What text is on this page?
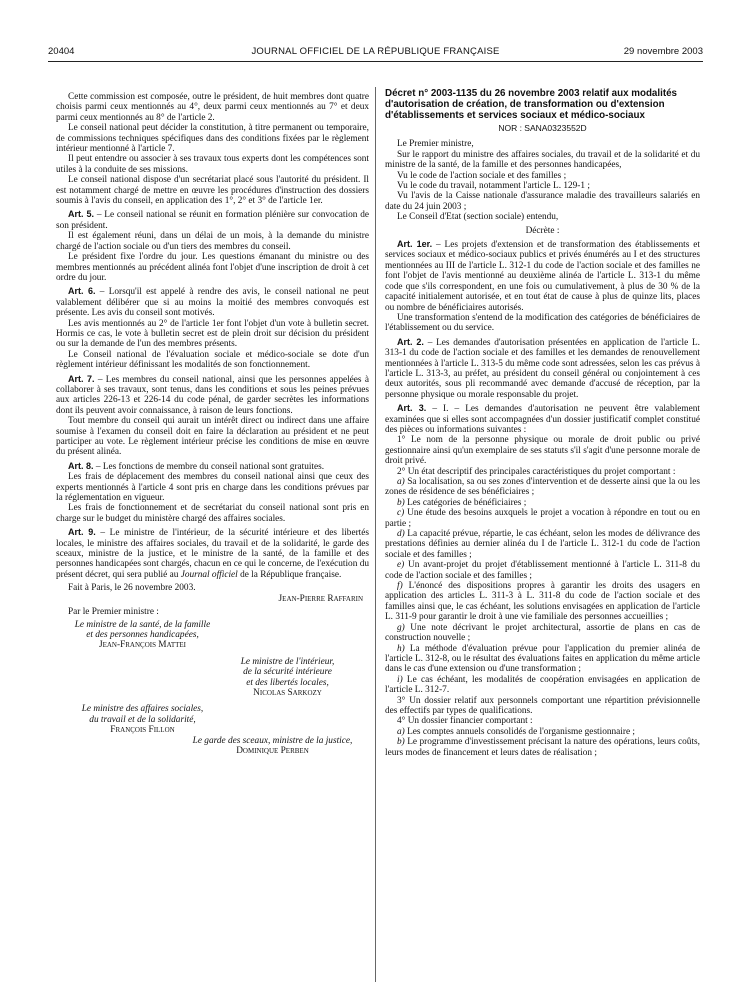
20404	JOURNAL OFFICIEL DE LA RÉPUBLIQUE FRANÇAISE	29 novembre 2003

Cette commission est composée, outre le président, de huit membres dont quatre choisis parmi ceux mentionnés au 4°, deux parmi ceux mentionnés au 7° et deux parmi ceux mentionnés au 8° de l'article 2.

Le conseil national peut décider la constitution, à titre permanent ou temporaire, de commissions techniques spécifiques dans des conditions fixées par le règlement intérieur mentionné à l'article 7.

Il peut entendre ou associer à ses travaux tous experts dont les compétences sont utiles à la conduite de ses missions.

Le conseil national dispose d'un secrétariat placé sous l'autorité du président. Il est notamment chargé de mettre en œuvre les procédures d'instruction des dossiers soumis à l'avis du conseil, en application des 1°, 2° et 3° de l'article 1er.

Art. 5. – Le conseil national se réunit en formation plénière sur convocation de son président.

Il est également réuni, dans un délai de un mois, à la demande du ministre chargé de l'action sociale ou d'un tiers des membres du conseil.

Le président fixe l'ordre du jour. Les questions émanant du ministre ou des membres mentionnés au précédent alinéa font l'objet d'une inscription de droit à cet ordre du jour.

Art. 6. – Lorsqu'il est appelé à rendre des avis, le conseil national ne peut valablement délibérer que si au moins la moitié des membres convoqués est présente. Les avis du conseil sont motivés.

Les avis mentionnés au 2° de l'article 1er font l'objet d'un vote à bulletin secret. Hormis ce cas, le vote à bulletin secret est de plein droit sur décision du président ou sur la demande de l'un des membres présents.

Le Conseil national de l'évaluation sociale et médico-sociale se dote d'un règlement intérieur définissant les modalités de son fonctionnement.

Art. 7. – Les membres du conseil national, ainsi que les personnes appelées à collaborer à ses travaux, sont tenus, dans les conditions et sous les peines prévues aux articles 226-13 et 226-14 du code pénal, de garder secrètes les informations dont ils peuvent avoir connaissance, à raison de leurs fonctions.

Tout membre du conseil qui aurait un intérêt direct ou indirect dans une affaire soumise à l'examen du conseil doit en faire la déclaration au président et ne peut participer au vote. Le règlement intérieur précise les conditions de mise en œuvre du présent alinéa.

Art. 8. – Les fonctions de membre du conseil national sont gratuites.

Les frais de déplacement des membres du conseil national ainsi que ceux des experts mentionnés à l'article 4 sont pris en charge dans les conditions prévues par la réglementation en vigueur.

Les frais de fonctionnement et de secrétariat du conseil national sont pris en charge sur le budget du ministère chargé des affaires sociales.

Art. 9. – Le ministre de l'intérieur, de la sécurité intérieure et des libertés locales, le ministre des affaires sociales, du travail et de la solidarité, le garde des sceaux, ministre de la justice, et le ministre de la santé, de la famille et des personnes handicapées sont chargés, chacun en ce qui le concerne, de l'exécution du présent décret, qui sera publié au Journal officiel de la République française.

Fait à Paris, le 26 novembre 2003.

Jean-Pierre Raffarin
Par le Premier ministre :
Le ministre de la santé, de la famille
et des personnes handicapées,
Jean-François Mattei
Le ministre de l'intérieur,
de la sécurité intérieure
et des libertés locales,
Nicolas Sarkozy
Le ministre des affaires sociales,
du travail et de la solidarité,
François Fillon
Le garde des sceaux, ministre de la justice,
Dominique Perben
Décret n° 2003-1135 du 26 novembre 2003 relatif aux modalités d'autorisation de création, de transformation ou d'extension d'établissements et services sociaux et médico-sociaux
NOR : SANA0323552D

Le Premier ministre,

Sur le rapport du ministre des affaires sociales, du travail et de la solidarité et du ministre de la santé, de la famille et des personnes handicapées,

Vu le code de l'action sociale et des familles ;

Vu le code du travail, notamment l'article L. 129-1 ;

Vu l'avis de la Caisse nationale d'assurance maladie des travailleurs salariés en date du 24 juin 2003 ;

Le Conseil d'Etat (section sociale) entendu,

Décrète :

Art. 1er. – Les projets d'extension et de transformation des établissements et services sociaux et médico-sociaux publics et privés énumérés au I et des structures mentionnées au III de l'article L. 312-1 du code de l'action sociale et des familles ne font l'objet de l'avis mentionné au deuxième alinéa de l'article L. 313-1 du même code que s'ils correspondent, en une fois ou cumulativement, à plus de 30 % de la capacité initialement autorisée, et en tout état de cause à plus de quinze lits, places ou nombre de bénéficiaires autorisés.

Une transformation s'entend de la modification des catégories de bénéficiaires de l'établissement ou du service.

Art. 2. – Les demandes d'autorisation présentées en application de l'article L. 313-1 du code de l'action sociale et des familles et les demandes de renouvellement mentionnées à l'article L. 313-5 du même code sont adressées, selon les cas prévus à l'article L. 313-3, au préfet, au président du conseil général ou conjointement à ces deux autorités, sous pli recommandé avec demande d'accusé de réception, par la personne physique ou morale responsable du projet.

Art. 3. – I. – Les demandes d'autorisation ne peuvent être valablement examinées que si elles sont accompagnées d'un dossier justificatif complet constitué des pièces ou informations suivantes :

1° Le nom de la personne physique ou morale de droit public ou privé gestionnaire ainsi qu'un exemplaire de ses statuts s'il s'agit d'une personne morale de droit privé.

2° Un état descriptif des principales caractéristiques du projet comportant :

a) Sa localisation, sa ou ses zones d'intervention et de desserte ainsi que la ou les zones de résidence de ses bénéficiaires ;

b) Les catégories de bénéficiaires ;

c) Une étude des besoins auxquels le projet a vocation à répondre en tout ou en partie ;

d) La capacité prévue, répartie, le cas échéant, selon les modes de délivrance des prestations définies au dernier alinéa du I de l'article L. 312-1 du code de l'action sociale et des familles ;

e) Un avant-projet du projet d'établissement mentionné à l'article L. 311-8 du code de l'action sociale et des familles ;

f) L'énoncé des dispositions propres à garantir les droits des usagers en application des articles L. 311-3 à L. 311-8 du code de l'action sociale et des familles ainsi que, le cas échéant, les solutions envisagées en application de l'article L. 311-9 pour garantir le droit à une vie familiale des personnes accueillies ;

g) Une note décrivant le projet architectural, assortie de plans en cas de construction nouvelle ;

h) La méthode d'évaluation prévue pour l'application du premier alinéa de l'article L. 312-8, ou le résultat des évaluations faites en application du même article dans le cas d'une extension ou d'une transformation ;

i) Le cas échéant, les modalités de coopération envisagées en application de l'article L. 312-7.

3° Un dossier relatif aux personnels comportant une répartition prévisionnelle des effectifs par types de qualifications.

4° Un dossier financier comportant :

a) Les comptes annuels consolidés de l'organisme gestionnaire ;

b) Le programme d'investissement précisant la nature des opérations, leurs coûts, leurs modes de financement et leurs dates de réalisation ;
